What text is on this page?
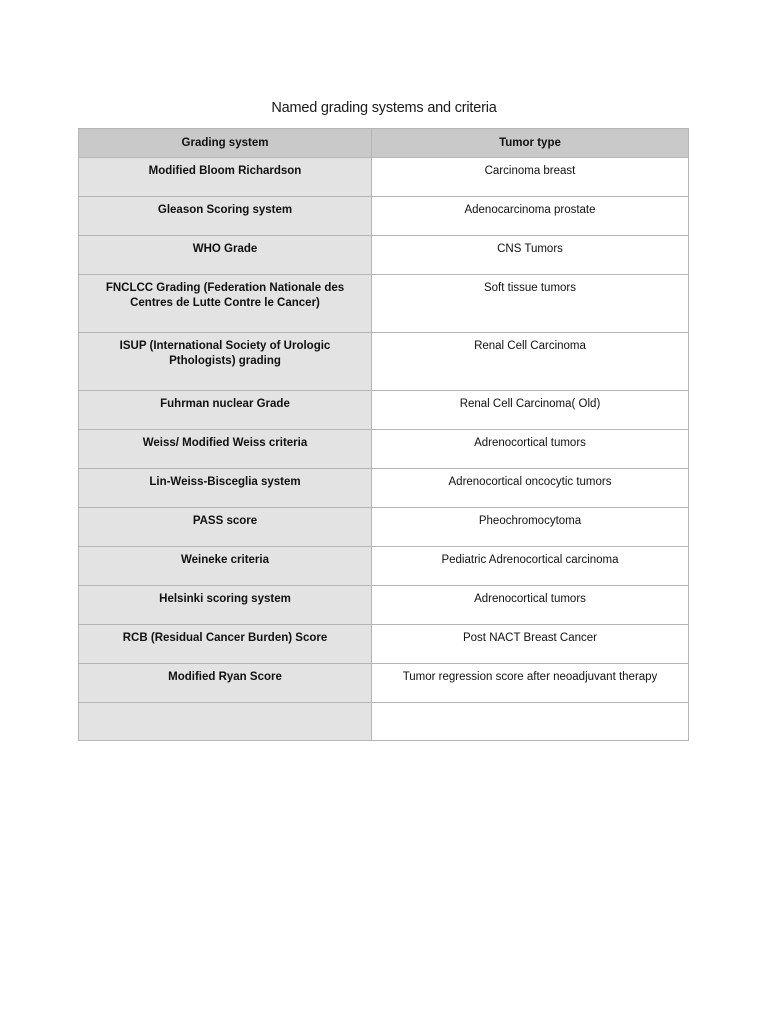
Named grading systems and criteria
Grading system	Tumor type
Modified Bloom Richardson	Carcinoma breast
Gleason Scoring system	Adenocarcinoma prostate
WHO Grade	CNS Tumors
FNCLCC Grading (Federation Nationale des Centres de Lutte Contre le Cancer)	Soft tissue tumors
ISUP (International Society of Urologic Pthologists) grading	Renal Cell Carcinoma
Fuhrman nuclear Grade	Renal Cell Carcinoma( Old)
Weiss/ Modified Weiss criteria	Adrenocortical tumors
Lin-Weiss-Bisceglia system	Adrenocortical oncocytic tumors
PASS score	Pheochromocytoma
Weineke criteria	Pediatric Adrenocortical carcinoma
Helsinki scoring system	Adrenocortical tumors
RCB (Residual Cancer Burden) Score	Post NACT Breast Cancer
Modified Ryan Score	Tumor regression score after neoadjuvant therapy
